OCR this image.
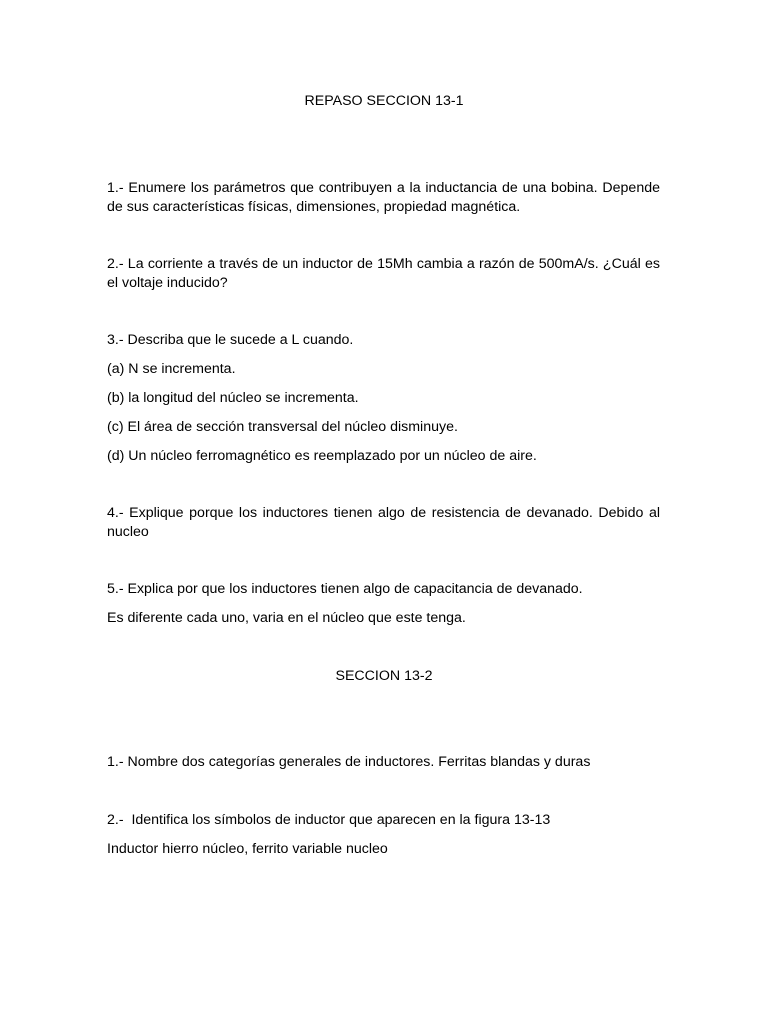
REPASO SECCION 13-1
1.- Enumere los parámetros que contribuyen a la inductancia de una bobina. Depende de sus características físicas, dimensiones, propiedad magnética.
2.- La corriente a través de un inductor de 15Mh cambia a razón de 500mA/s. ¿Cuál es el voltaje inducido?
3.- Describa que le sucede a L cuando.
(a) N se incrementa.
(b) la longitud del núcleo se incrementa.
(c) El área de sección transversal del núcleo disminuye.
(d) Un núcleo ferromagnético es reemplazado por un núcleo de aire.
4.- Explique porque los inductores tienen algo de resistencia de devanado. Debido al nucleo
5.- Explica por que los inductores tienen algo de capacitancia de devanado.
Es diferente cada uno, varia en el núcleo que este tenga.
SECCION 13-2
1.- Nombre dos categorías generales de inductores. Ferritas blandas y duras
2.-  Identifica los símbolos de inductor que aparecen en la figura 13-13
Inductor hierro núcleo, ferrito variable nucleo
